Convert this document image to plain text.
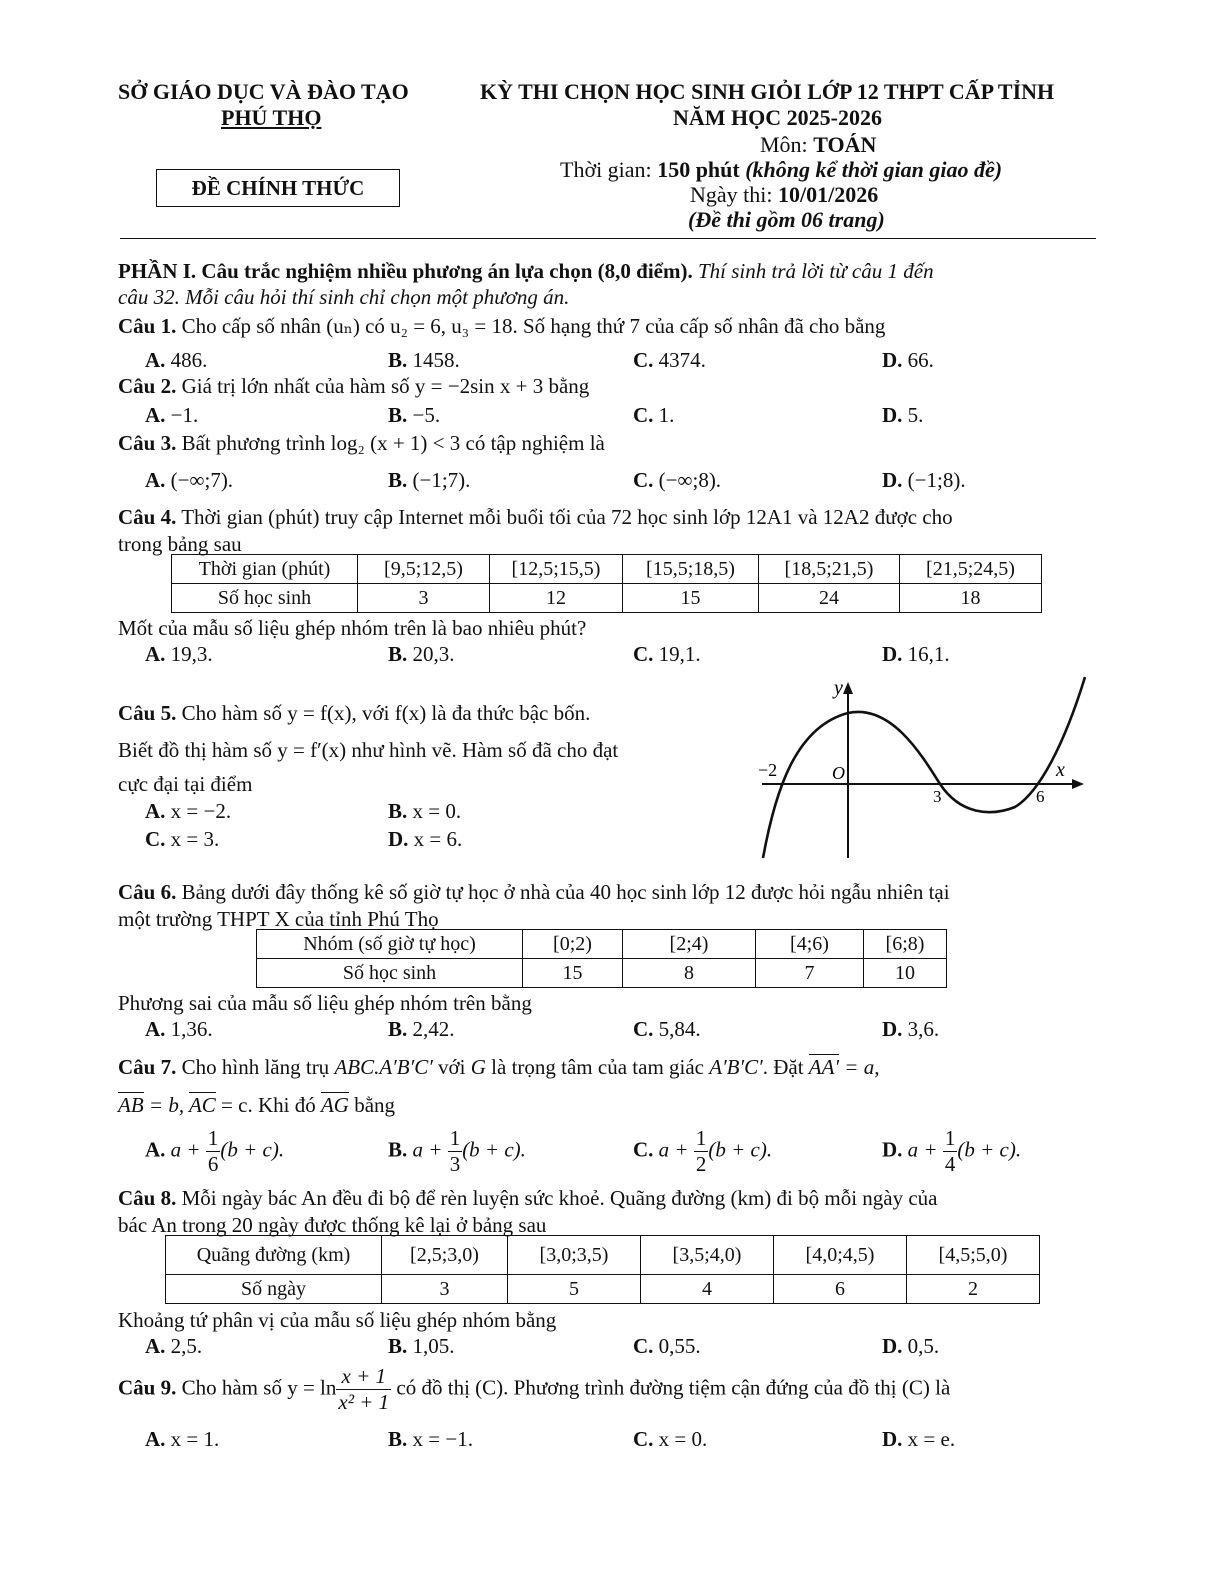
SỞ GIÁO DỤC VÀ ĐÀO TẠO
PHÚ THỌ
KỲ THI CHỌN HỌC SINH GIỎI LỚP 12 THPT CẤP TỈNH
NĂM HỌC 2025-2026
Môn: TOÁN
Thời gian: 150 phút (không kể thời gian giao đề)
Ngày thi: 10/01/2026
(Đề thi gồm 06 trang)
ĐỀ CHÍNH THỨC
PHẦN I. Câu trắc nghiệm nhiều phương án lựa chọn (8,0 điểm). Thí sinh trả lời từ câu 1 đến
câu 32. Mỗi câu hỏi thí sinh chỉ chọn một phương án.
Câu 1. Cho cấp số nhân (uₙ) có u₂ = 6, u₃ = 18. Số hạng thứ 7 của cấp số nhân đã cho bằng
A. 486.	B. 1458.	C. 4374.	D. 66.
Câu 2. Giá trị lớn nhất của hàm số y = −2sin x + 3 bằng
A. −1.	B. −5.	C. 1.	D. 5.
Câu 3. Bất phương trình log₂ (x + 1) < 3 có tập nghiệm là
A. (−∞;7).	B. (−1;7).	C. (−∞;8).	D. (−1;8).
Câu 4. Thời gian (phút) truy cập Internet mỗi buổi tối của 72 học sinh lớp 12A1 và 12A2 được cho
trong bảng sau
Thời gian (phút)	[9,5;12,5)	[12,5;15,5)	[15,5;18,5)	[18,5;21,5)	[21,5;24,5)
Số học sinh	3	12	15	24	18
Mốt của mẫu số liệu ghép nhóm trên là bao nhiêu phút?
A. 19,3.	B. 20,3.	C. 19,1.	D. 16,1.
Câu 5. Cho hàm số y = f(x), với f(x) là đa thức bậc bốn.
Biết đồ thị hàm số y = f′(x) như hình vẽ. Hàm số đã cho đạt
cực đại tại điểm
A. x = −2.	B. x = 0.
C. x = 3.	D. x = 6.
y
x
O
−2
3	6
Câu 6. Bảng dưới đây thống kê số giờ tự học ở nhà của 40 học sinh lớp 12 được hỏi ngẫu nhiên tại
một trường THPT X của tỉnh Phú Thọ
Nhóm (số giờ tự học)	[0;2)	[2;4)	[4;6)	[6;8)
Số học sinh	15	8	7	10
Phương sai của mẫu số liệu ghép nhóm trên bằng
A. 1,36.	B. 2,42.	C. 5,84.	D. 3,6.
Câu 7. Cho hình lăng trụ ABC.A′B′C′ với G là trọng tâm của tam giác A′B′C′. Đặt AA′ = a,
AB = b, AC = c. Khi đó AG bằng
A. $a + \frac{1}{6} (b + c)$.	B. $a + \frac{1}{3} (b + c)$.	C. $a + \frac{1}{2} (b + c)$.	D. $a + \frac{1}{4} (b + c)$.
Câu 8. Mỗi ngày bác An đều đi bộ để rèn luyện sức khoẻ. Quãng đường (km) đi bộ mỗi ngày của
bác An trong 20 ngày được thống kê lại ở bảng sau
Quãng đường (km)	[2,5;3,0)	[3,0;3,5)	[3,5;4,0)	[4,0;4,5)	[4,5;5,0)
Số ngày	3	5	4	6	2
Khoảng tứ phân vị của mẫu số liệu ghép nhóm bằng
A. 2,5.	B. 1,05.	C. 0,55.	D. 0,5.
Câu 9. Cho hàm số $y = \ln \frac{x + 1}{\text{x² + 1}}$ có đồ thị (C). Phương trình đường tiệm cận đứng của đồ thị (C) là
A. x = 1.	B. x = −1.	C. x = 0.	D. x = e.
